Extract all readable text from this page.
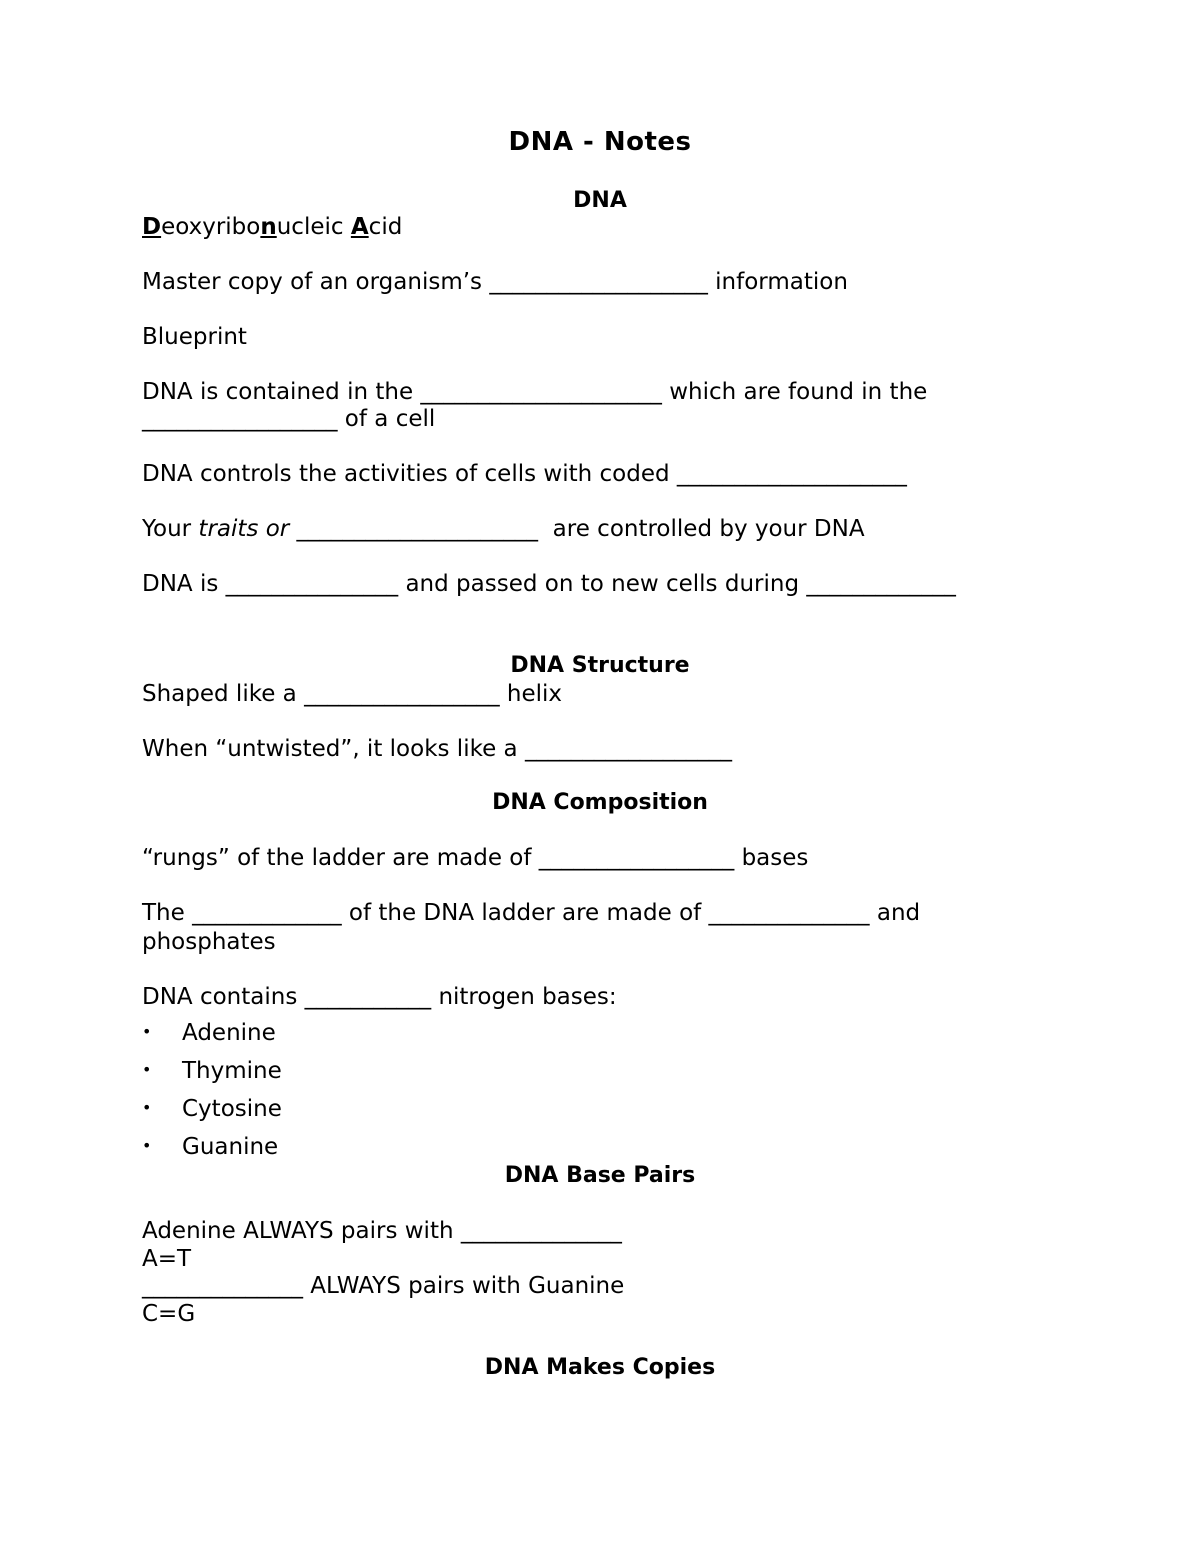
DNA - Notes
DNA
Deoxyribonucleic Acid
Master copy of an organism’s ___________________ information
Blueprint
DNA is contained in the _____________________ which are found in the
_________________ of a cell
DNA controls the activities of cells with coded ____________________
Your traits or _____________________  are controlled by your DNA
DNA is _______________ and passed on to new cells during _____________
DNA Structure
Shaped like a _________________ helix
When “untwisted”, it looks like a __________________
DNA Composition
“rungs” of the ladder are made of _________________ bases
The _____________ of the DNA ladder are made of ______________ and
phosphates
DNA contains ___________ nitrogen bases:
• Adenine
• Thymine
• Cytosine
• Guanine
DNA Base Pairs
Adenine ALWAYS pairs with ______________
A=T
______________ ALWAYS pairs with Guanine
C=G
DNA Makes Copies
